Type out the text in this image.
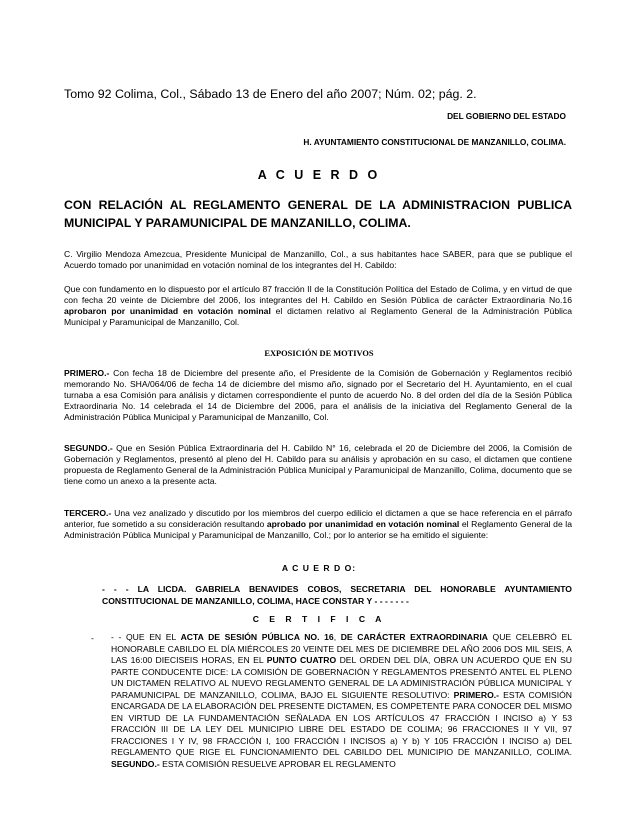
Tomo 92 Colima, Col., Sábado 13 de Enero del año 2007; Núm. 02; pág. 2.
DEL GOBIERNO DEL ESTADO
H. AYUNTAMIENTO CONSTITUCIONAL DE MANZANILLO, COLIMA.
A C U E R D O
CON RELACIÓN AL REGLAMENTO GENERAL DE LA ADMINISTRACION PUBLICA MUNICIPAL Y PARAMUNICIPAL DE MANZANILLO, COLIMA.
C. Virgilio Mendoza Amezcua, Presidente Municipal de Manzanillo, Col., a sus habitantes hace SABER, para que se publique el Acuerdo tomado por unanimidad en votación nominal de los integrantes del H. Cabildo:
Que con fundamento en lo dispuesto por el artículo 87 fracción II de la Constitución Política del Estado de Colima, y en virtud de que con fecha 20 veinte de Diciembre del 2006, los integrantes del H. Cabildo en Sesión Pública de carácter Extraordinaria No.16 aprobaron por unanimidad en votación nominal el dictamen relativo al Reglamento General de la Administración Pública Municipal y Paramunicipal de Manzanillo, Col.
EXPOSICIÓN DE MOTIVOS
PRIMERO.- Con fecha 18 de Diciembre del presente año, el Presidente de la Comisión de Gobernación y Reglamentos recibió memorando No. SHA/064/06 de fecha 14 de diciembre del mismo año, signado por el Secretario del H. Ayuntamiento, en el cual turnaba a esa Comisión para análisis y dictamen correspondiente el punto de acuerdo No. 8 del orden del día de la Sesión Pública Extraordinaria No. 14 celebrada el 14 de Diciembre del 2006, para el análisis de la iniciativa del Reglamento General de la Administración Pública Municipal y Paramunicipal de Manzanillo, Col.
SEGUNDO.- Que en Sesión Pública Extraordinaria del H. Cabildo N° 16, celebrada el 20 de Diciembre del 2006, la Comisión de Gobernación y Reglamentos, presentó al pleno del H. Cabildo para su análisis y aprobación en su caso, el dictamen que contiene propuesta de Reglamento General de la Administración Pública Municipal y Paramunicipal de Manzanillo, Colima, documento que se tiene como un anexo a la presente acta.
TERCERO.- Una vez analizado y discutido por los miembros del cuerpo edilicio el dictamen a que se hace referencia en el párrafo anterior, fue sometido a su consideración resultando aprobado por unanimidad en votación nominal el Reglamento General de la Administración Pública Municipal y Paramunicipal de Manzanillo, Col.; por lo anterior se ha emitido el siguiente:
A C U E R D O:
- - - LA LICDA. GABRIELA BENAVIDES COBOS, SECRETARIA DEL HONORABLE AYUNTAMIENTO CONSTITUCIONAL DE MANZANILLO, COLIMA, HACE CONSTAR Y - - - - - - -
C E R T I F I C A
- - - QUE EN EL ACTA DE SESIÓN PÚBLICA NO. 16, DE CARÁCTER EXTRAORDINARIA QUE CELEBRÓ EL HONORABLE CABILDO EL DÍA MIÉRCOLES 20 VEINTE DEL MES DE DICIEMBRE DEL AÑO 2006 DOS MIL SEIS, A LAS 16:00 DIECISEIS HORAS, EN EL PUNTO CUATRO DEL ORDEN DEL DÍA, OBRA UN ACUERDO QUE EN SU PARTE CONDUCENTE DICE: LA COMISIÓN DE GOBERNACIÓN Y REGLAMENTOS PRESENTÓ ANTEL EL PLENO UN DICTAMEN RELATIVO AL NUEVO REGLAMENTO GENERAL DE LA ADMINISTRACIÓN PÚBLICA MUNICIPAL Y PARAMUNICIPAL DE MANZANILLO, COLIMA, BAJO EL SIGUIENTE RESOLUTIVO: PRIMERO.- ESTA COMISIÓN ENCARGADA DE LA ELABORACIÓN DEL PRESENTE DICTAMEN, ES COMPETENTE PARA CONOCER DEL MISMO EN VIRTUD DE LA FUNDAMENTACIÓN SEÑALADA EN LOS ARTÍCULOS 47 FRACCIÓN I INCISO a) Y 53 FRACCIÓN III DE LA LEY DEL MUNICIPIO LIBRE DEL ESTADO DE COLIMA; 96 FRACCIONES II Y VII, 97 FRACCIONES I Y IV, 98 FRACCIÓN I, 100 FRACCIÓN I INCISOS a) Y b) Y 105 FRACCIÓN I INCISO a) DEL REGLAMENTO QUE RIGE EL FUNCIONAMIENTO DEL CABILDO DEL MUNICIPIO DE MANZANILLO, COLIMA. SEGUNDO.- ESTA COMISIÓN RESUELVE APROBAR EL REGLAMENTO
